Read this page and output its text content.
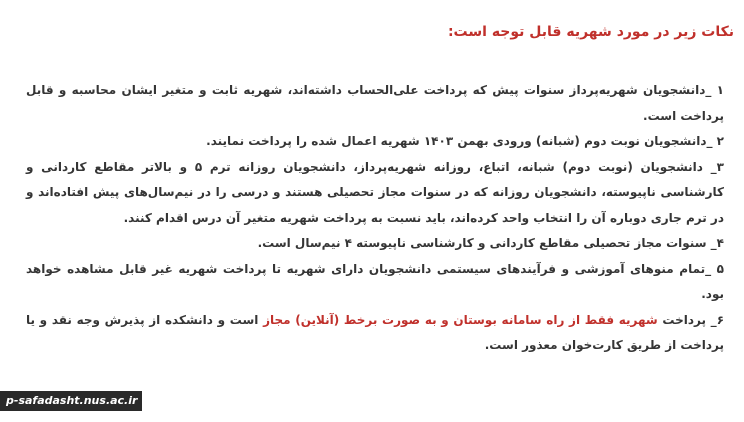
نکات زیر در مورد شهریه قابل توجه است:

۱ _دانشجویان شهریه‌پرداز سنوات پیش که پرداخت علی‌الحساب داشته‌اند، شهریه ثابت و متغیر ایشان محاسبه و قابل پرداخت است.

۲ _دانشجویان نوبت دوم (شبانه) ورودی بهمن ۱۴۰۳ شهریه اعمال شده را پرداخت نمایند.

۳_ دانشجویان (نوبت دوم) شبانه، اتباع، روزانه شهریه‌پرداز، دانشجویان روزانه ترم ۵ و بالاتر مقاطع کاردانی و کارشناسی ناپیوسته، دانشجویان روزانه که در سنوات مجاز تحصیلی هستند و درسی را در نیم‌سال‌های پیش افتاده‌اند و در ترم جاری دوباره آن را انتخاب واحد کرده‌اند، باید نسبت به پرداخت شهریه متغیر آن درس اقدام کنند.

۴_ سنوات مجاز تحصیلی مقاطع کاردانی و کارشناسی ناپیوسته ۴ نیم‌سال است.

۵ _تمام منوهای آموزشی و فرآیندهای سیستمی دانشجویان دارای شهریه تا پرداخت شهریه غیر قابل مشاهده خواهد بود.

۶_ پرداخت شهریه فقط از راه سامانه بوستان و به صورت برخط (آنلاین) مجاز است و دانشکده از پذیرش وجه نقد و یا پرداخت از طریق کارت‌خوان معذور است.

p-safadasht.nus.ac.ir
